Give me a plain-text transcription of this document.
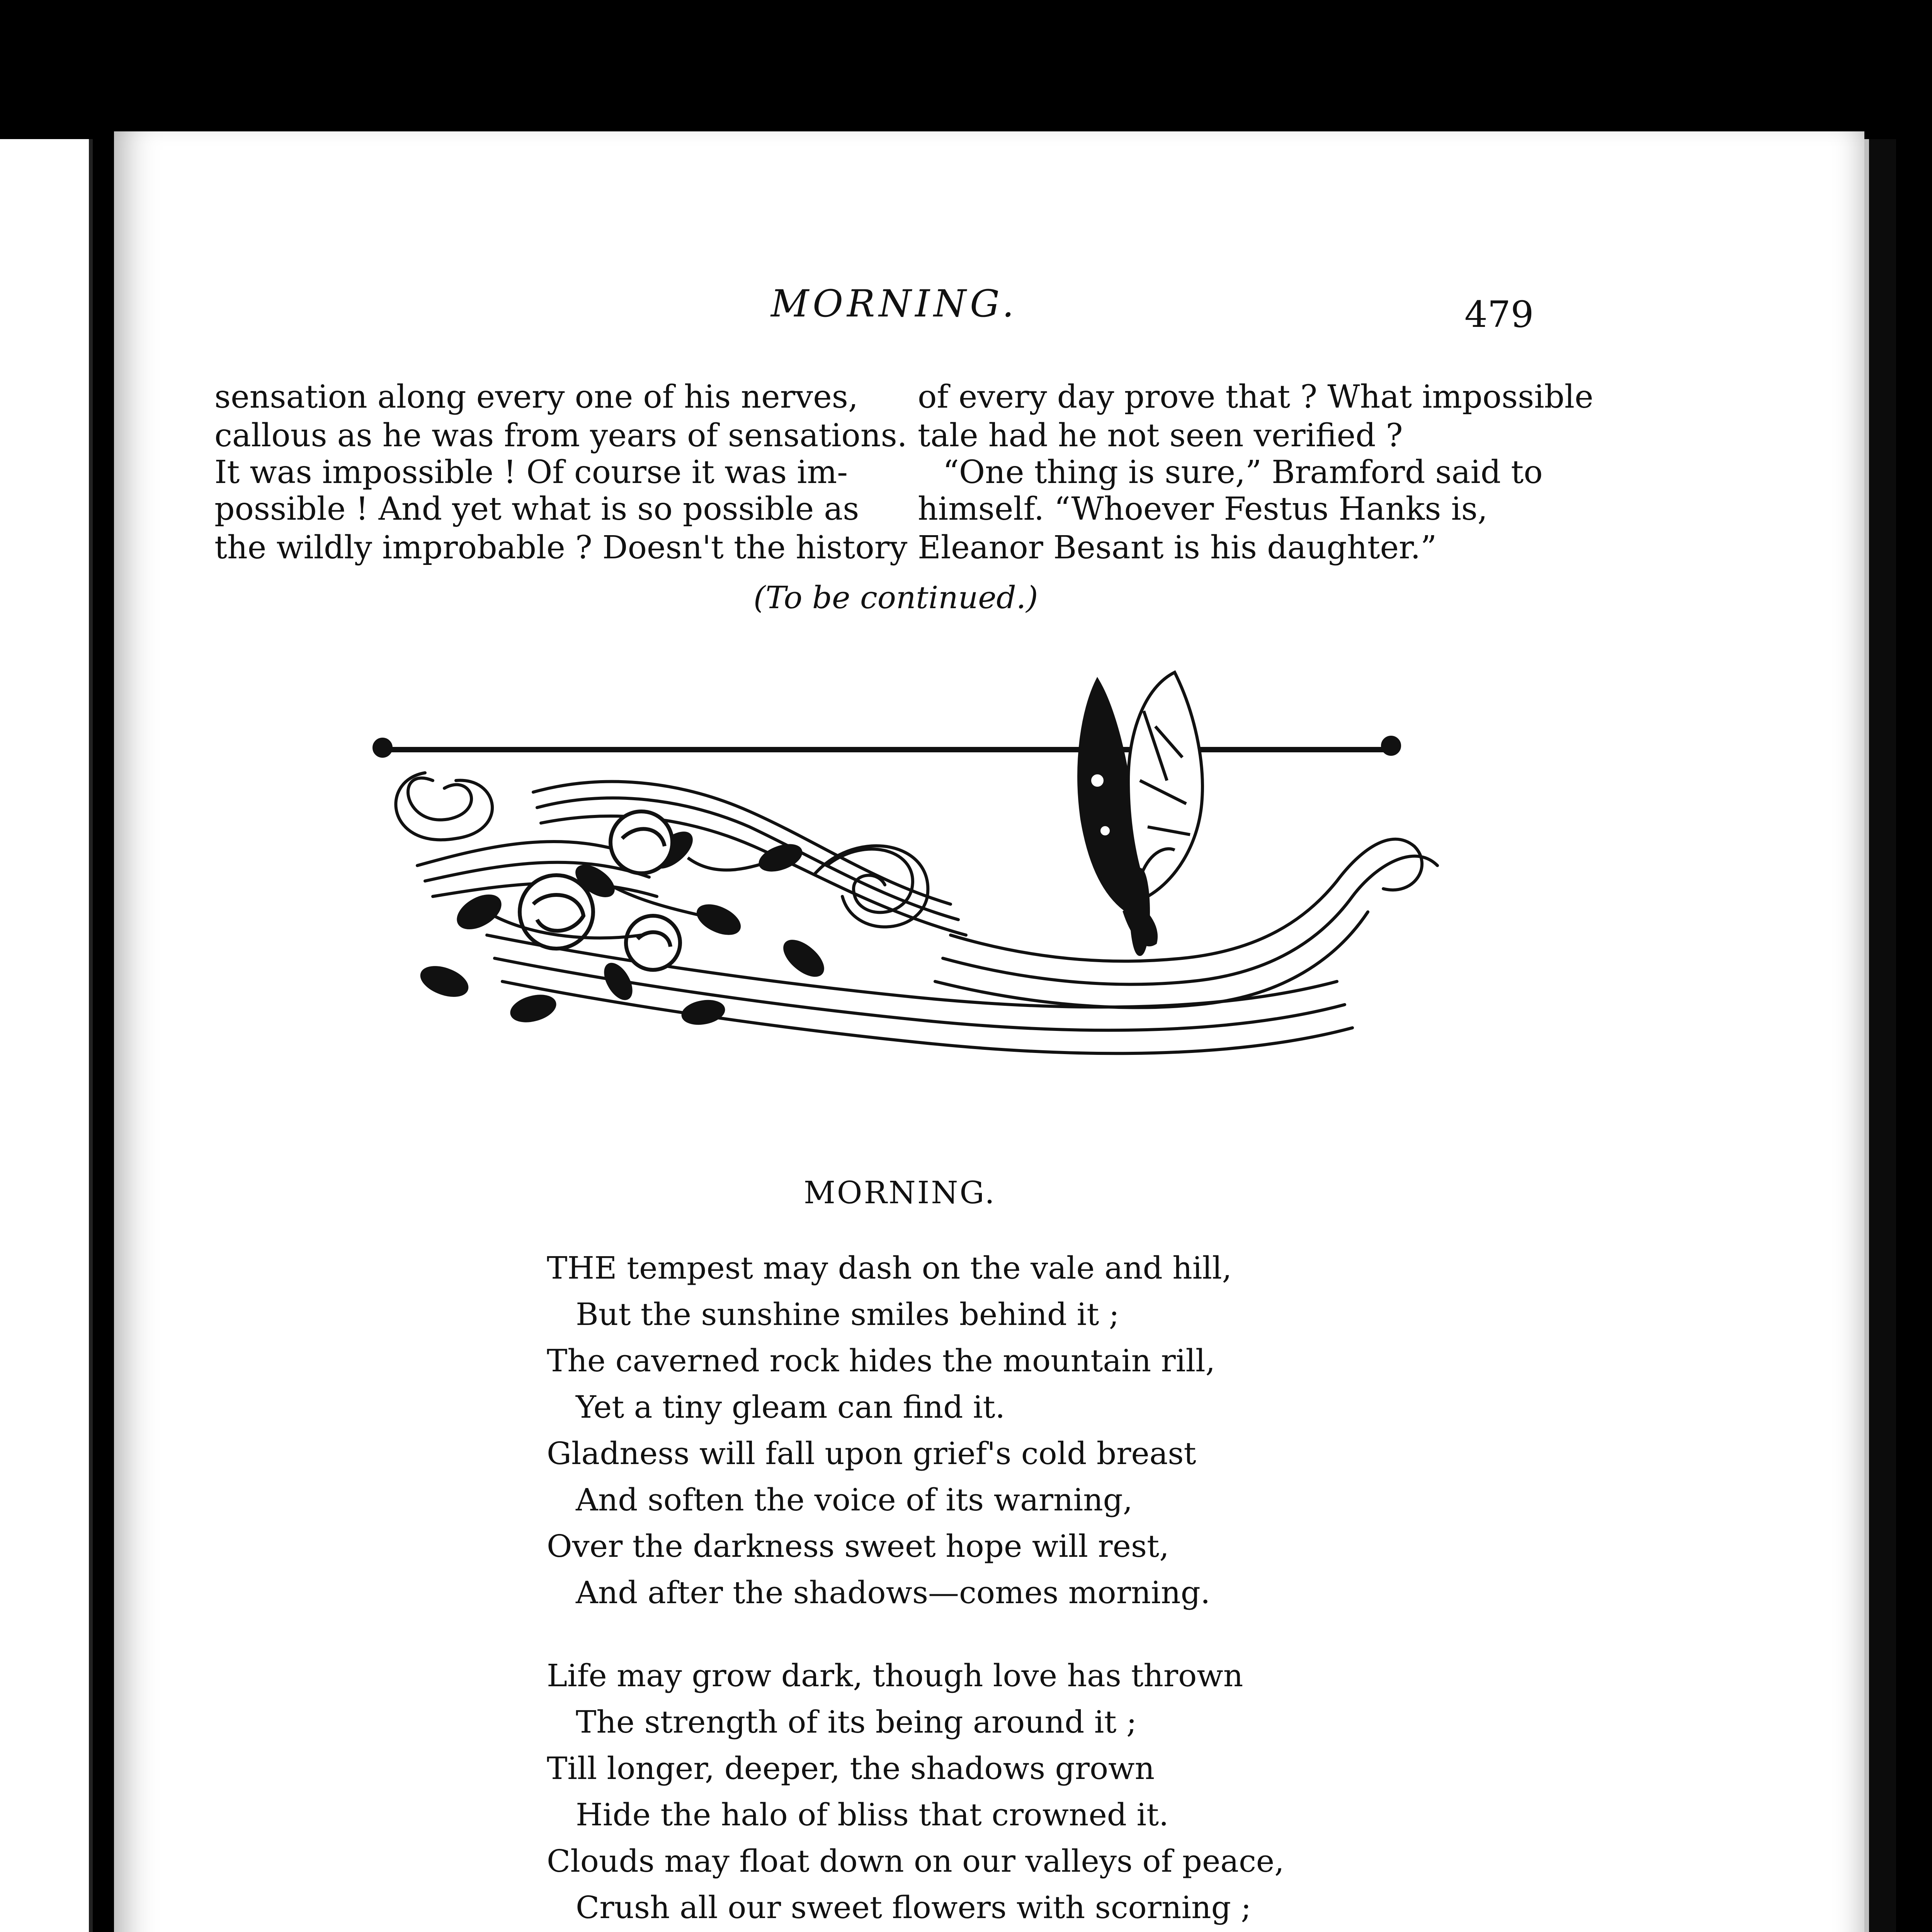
MORNING.	479
sensation along every one of his nerves,
callous as he was from years of sensations.
It was impossible ! Of course it was im-
possible ! And yet what is so possible as
the wildly improbable ? Doesn't the history
of every day prove that ? What impossible
tale had he not seen verified ?
“One thing is sure,” Bramford said to
himself. “Whoever Festus Hanks is,
Eleanor Besant is his daughter.”
(To be continued.)
MORNING.
THE tempest may dash on the vale and hill,
But the sunshine smiles behind it ;
The caverned rock hides the mountain rill,
Yet a tiny gleam can find it.
Gladness will fall upon grief's cold breast
And soften the voice of its warning,
Over the darkness sweet hope will rest,
And after the shadows—comes morning.
Life may grow dark, though love has thrown
The strength of its being around it ;
Till longer, deeper, the shadows grown
Hide the halo of bliss that crowned it.
Clouds may float down on our valleys of peace,
Crush all our sweet flowers with scorning ;
